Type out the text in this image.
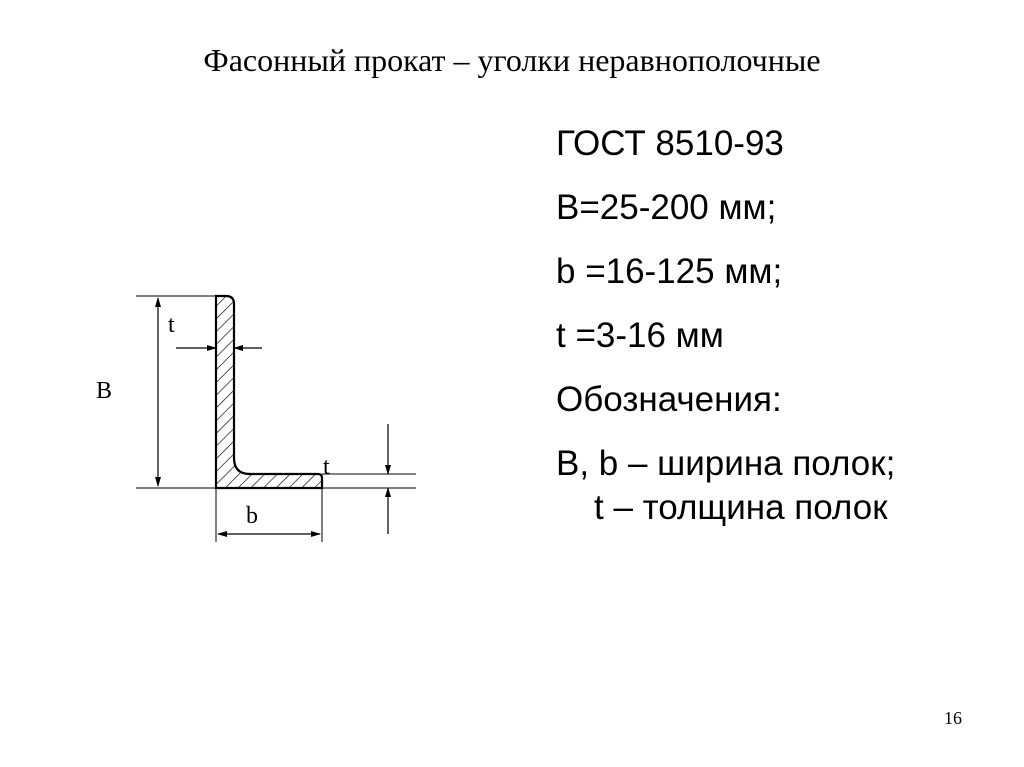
Фасонный прокат – уголки неравнополочные
B
t
b
t
ГОСТ 8510-93
B=25-200 мм;
b =16-125 мм;
t =3-16 мм
Обозначения:
B, b – ширина полок;
t – толщина полок
16
